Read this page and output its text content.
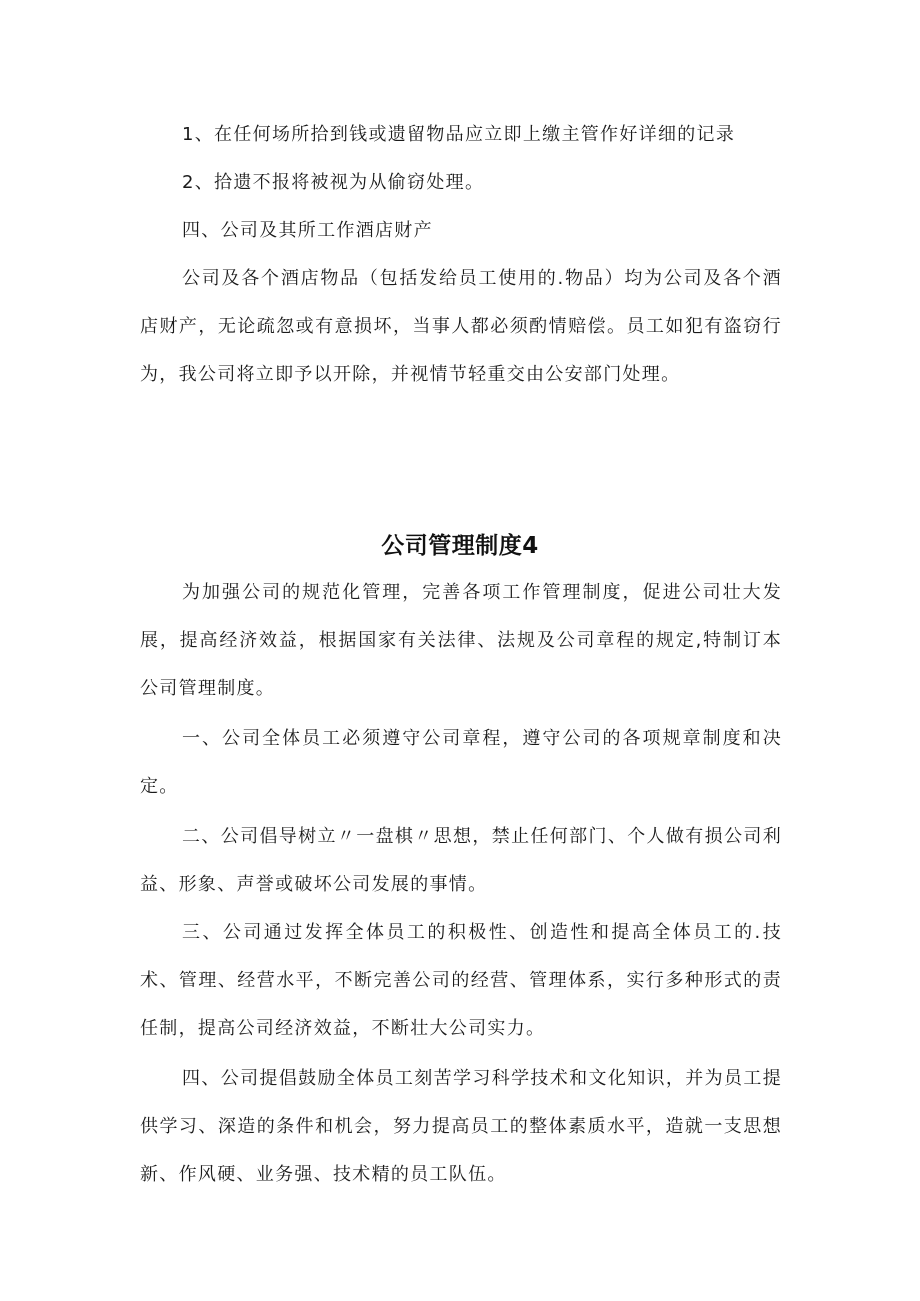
1、在任何场所拾到钱或遗留物品应立即上缴主管作好详细的记录

2、拾遗不报将被视为从偷窃处理。

四、公司及其所工作酒店财产

公司及各个酒店物品（包括发给员工使用的.物品）均为公司及各个酒店财产，无论疏忽或有意损坏，当事人都必须酌情赔偿。员工如犯有盗窃行为，我公司将立即予以开除，并视情节轻重交由公安部门处理。

公司管理制度4

为加强公司的规范化管理，完善各项工作管理制度，促进公司壮大发展，提高经济效益，根据国家有关法律、法规及公司章程的规定,特制订本公司管理制度。

一、公司全体员工必须遵守公司章程，遵守公司的各项规章制度和决定。

二、公司倡导树立〃一盘棋〃思想，禁止任何部门、个人做有损公司利益、形象、声誉或破坏公司发展的事情。

三、公司通过发挥全体员工的积极性、创造性和提高全体员工的.技术、管理、经营水平，不断完善公司的经营、管理体系，实行多种形式的责任制，提高公司经济效益，不断壮大公司实力。

四、公司提倡鼓励全体员工刻苦学习科学技术和文化知识，并为员工提供学习、深造的条件和机会，努力提高员工的整体素质水平，造就一支思想新、作风硬、业务强、技术精的员工队伍。
